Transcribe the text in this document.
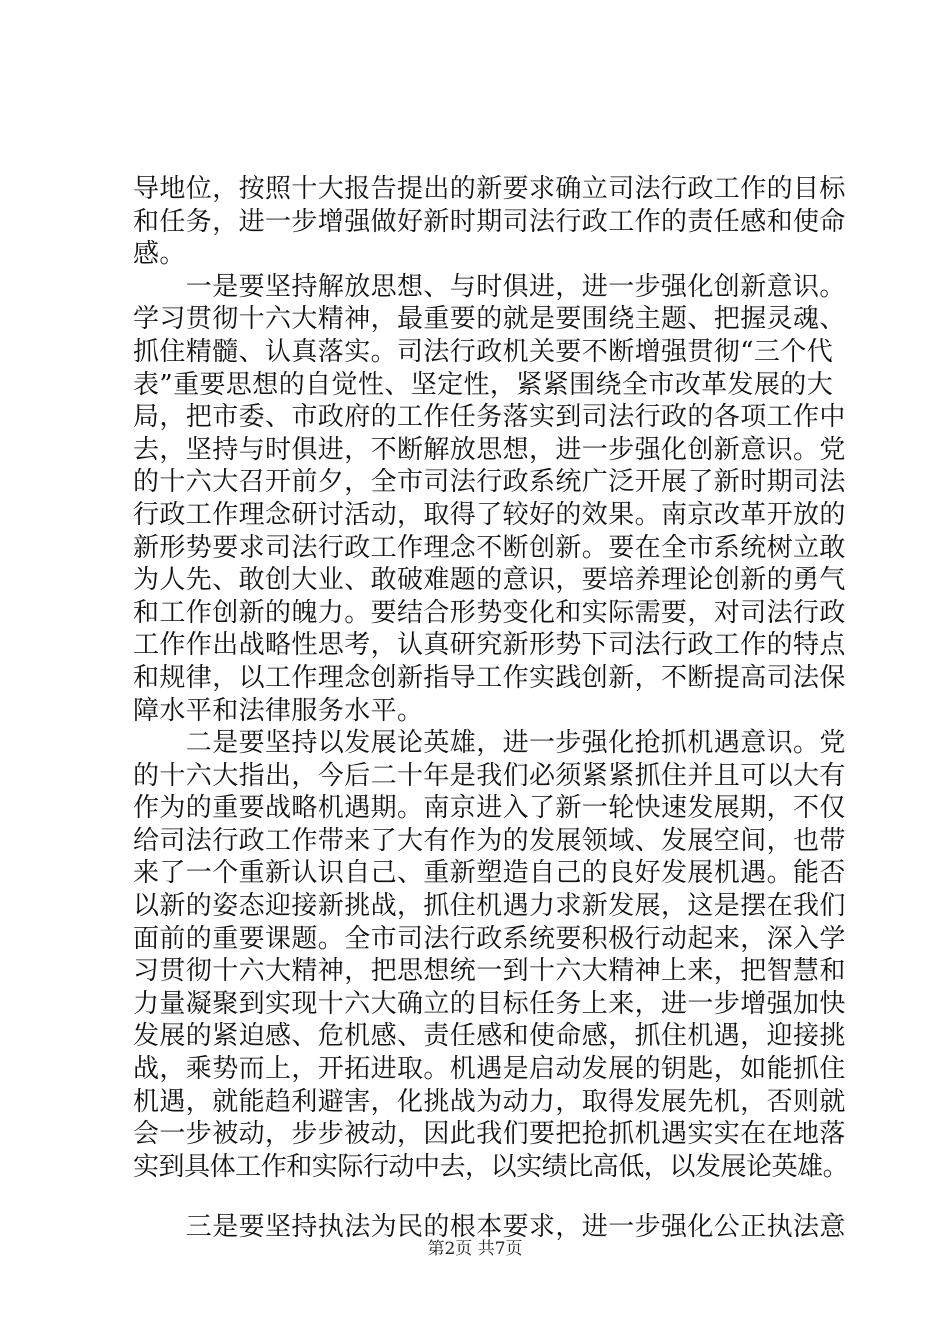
导地位，按照十大报告提出的新要求确立司法行政工作的目标
和任务，进一步增强做好新时期司法行政工作的责任感和使命
感。
　　一是要坚持解放思想、与时俱进，进一步强化创新意识。
学习贯彻十六大精神，最重要的就是要围绕主题、把握灵魂、
抓住精髓、认真落实。司法行政机关要不断增强贯彻“三个代
表”重要思想的自觉性、坚定性，紧紧围绕全市改革发展的大
局，把市委、市政府的工作任务落实到司法行政的各项工作中
去，坚持与时俱进，不断解放思想，进一步强化创新意识。党
的十六大召开前夕，全市司法行政系统广泛开展了新时期司法
行政工作理念研讨活动，取得了较好的效果。南京改革开放的
新形势要求司法行政工作理念不断创新。要在全市系统树立敢
为人先、敢创大业、敢破难题的意识，要培养理论创新的勇气
和工作创新的魄力。要结合形势变化和实际需要，对司法行政
工作作出战略性思考，认真研究新形势下司法行政工作的特点
和规律，以工作理念创新指导工作实践创新，不断提高司法保
障水平和法律服务水平。
　　二是要坚持以发展论英雄，进一步强化抢抓机遇意识。党
的十六大指出，今后二十年是我们必须紧紧抓住并且可以大有
作为的重要战略机遇期。南京进入了新一轮快速发展期，不仅
给司法行政工作带来了大有作为的发展领域、发展空间，也带
来了一个重新认识自己、重新塑造自己的良好发展机遇。能否
以新的姿态迎接新挑战，抓住机遇力求新发展，这是摆在我们
面前的重要课题。全市司法行政系统要积极行动起来，深入学
习贯彻十六大精神，把思想统一到十六大精神上来，把智慧和
力量凝聚到实现十六大确立的目标任务上来，进一步增强加快
发展的紧迫感、危机感、责任感和使命感，抓住机遇，迎接挑
战，乘势而上，开拓进取。机遇是启动发展的钥匙，如能抓住
机遇，就能趋利避害，化挑战为动力，取得发展先机，否则就
会一步被动，步步被动，因此我们要把抢抓机遇实实在在地落
实到具体工作和实际行动中去，以实绩比高低，以发展论英雄。
　　三是要坚持执法为民的根本要求，进一步强化公正执法意
第2页 共7页
